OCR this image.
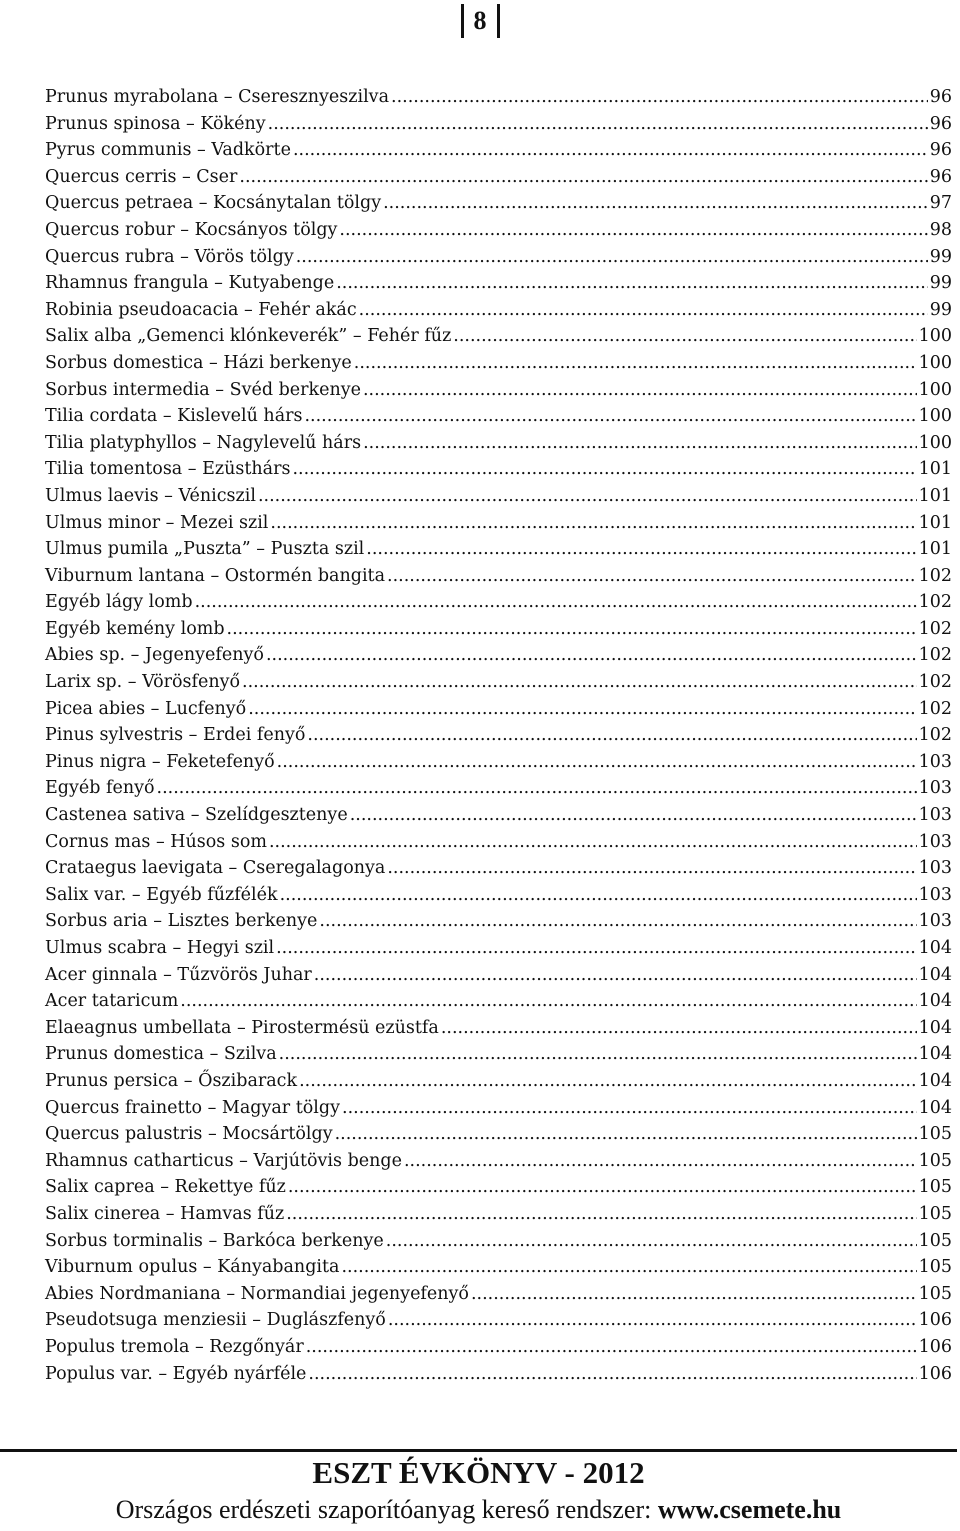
8
Prunus myrabolana – Cseresznyeszilva .....	96
Prunus spinosa – Kökény .....	96
Pyrus communis – Vadkörte .....	96
Quercus cerris – Cser .....	96
Quercus petraea – Kocsánytalan tölgy .....	97
Quercus robur – Kocsányos tölgy .....	98
Quercus rubra – Vörös tölgy .....	99
Rhamnus frangula – Kutyabenge .....	99
Robinia pseudoacacia – Fehér akác .....	99
Salix alba „Gemenci klónkeverék” – Fehér fűz .....	100
Sorbus domestica – Házi berkenye .....	100
Sorbus intermedia – Svéd berkenye .....	100
Tilia cordata – Kislevelű hárs .....	100
Tilia platyphyllos – Nagylevelű hárs .....	100
Tilia tomentosa – Ezüsthárs .....	101
Ulmus laevis – Vénicszil .....	101
Ulmus minor – Mezei szil .....	101
Ulmus pumila „Puszta” – Puszta szil .....	101
Viburnum lantana – Ostormén bangita .....	102
Egyéb lágy lomb .....	102
Egyéb kemény lomb .....	102
Abies sp. – Jegenyefenyő .....	102
Larix sp. – Vörösfenyő .....	102
Picea abies – Lucfenyő .....	102
Pinus sylvestris – Erdei fenyő .....	102
Pinus nigra – Feketefenyő .....	103
Egyéb fenyő .....	103
Castenea sativa – Szelídgesztenye .....	103
Cornus mas – Húsos som .....	103
Crataegus laevigata – Cseregalagonya .....	103
Salix var. – Egyéb fűzfélék .....	103
Sorbus aria – Lisztes berkenye .....	103
Ulmus scabra – Hegyi szil .....	104
Acer ginnala – Tűzvörös Juhar .....	104
Acer tataricum .....	104
Elaeagnus umbellata – Pirostermésü ezüstfa .....	104
Prunus domestica – Szilva .....	104
Prunus persica – Őszibarack .....	104
Quercus frainetto – Magyar tölgy .....	104
Quercus palustris – Mocsártölgy .....	105
Rhamnus catharticus – Varjútövis benge .....	105
Salix caprea – Rekettye fűz .....	105
Salix cinerea – Hamvas fűz .....	105
Sorbus torminalis – Barkóca berkenye .....	105
Viburnum opulus – Kányabangita .....	105
Abies Nordmaniana – Normandiai jegenyefenyő .....	105
Pseudotsuga menziesii – Duglászfenyő .....	106
Populus tremola – Rezgőnyár .....	106
Populus var. – Egyéb nyárféle .....	106
ESZT ÉVKÖNYV - 2012
Országos erdészeti szaporítóanyag kereső rendszer: www.csemete.hu
